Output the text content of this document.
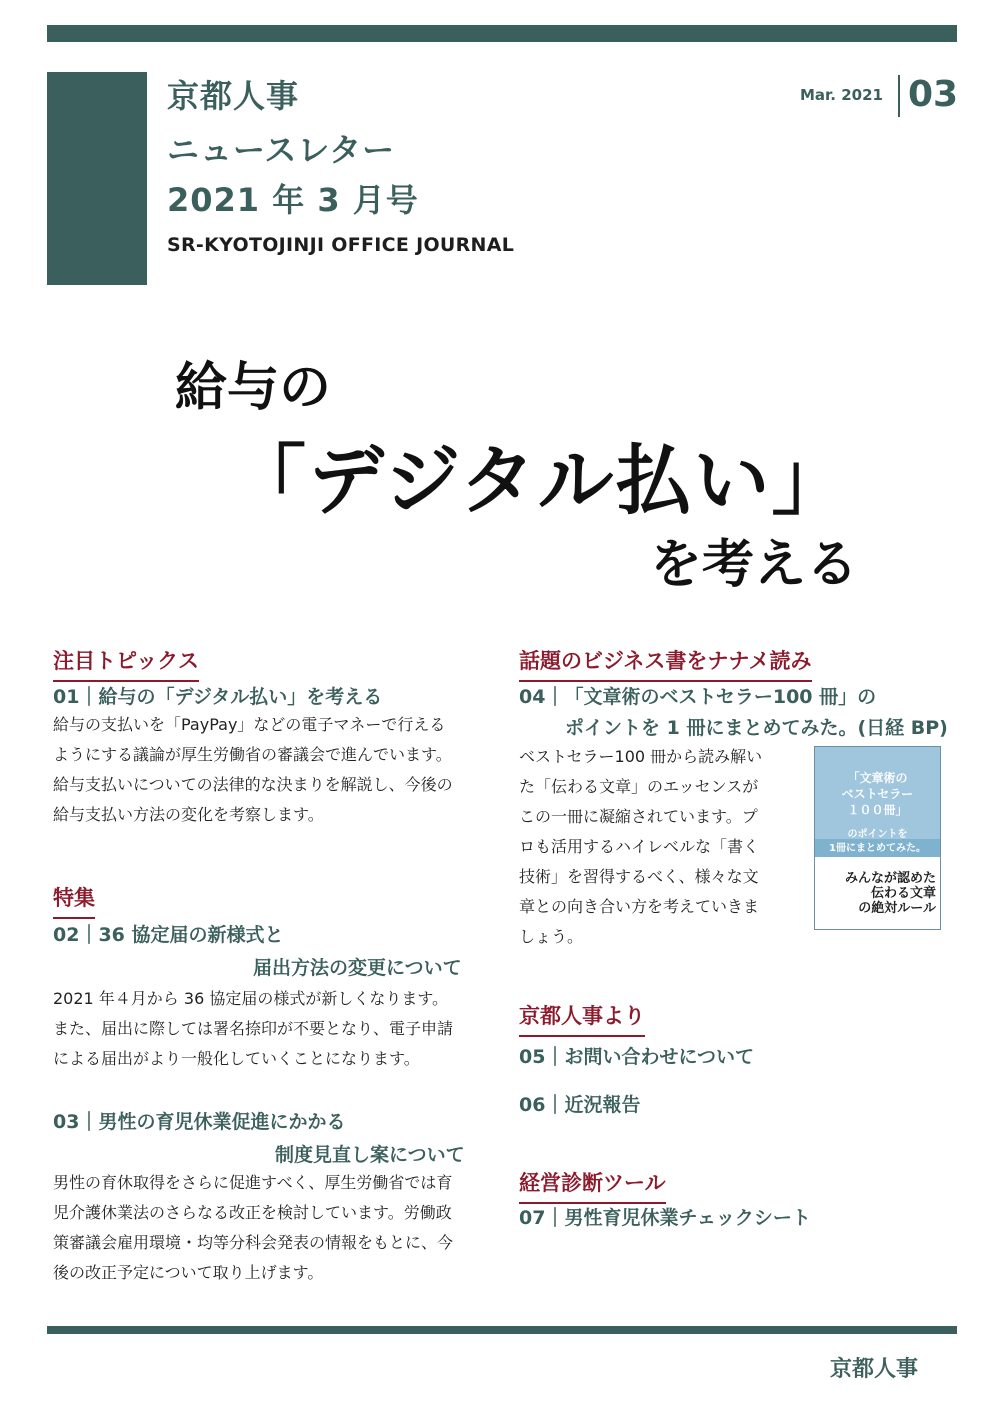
京都人事
ニュースレター
2021 年 3 月号
SR-KYOTOJINJI OFFICE JOURNAL
Mar. 2021 03
給与の
「デジタル払い」
を考える
注目トピックス
01｜給与の「デジタル払い」を考える
給与の支払いを「PayPay」などの電子マネーで行える
ようにする議論が厚生労働省の審議会で進んでいます。
給与支払いについての法律的な決まりを解説し、今後の
給与支払い方法の変化を考察します。
特集
02｜36 協定届の新様式と
届出方法の変更について
2021 年４月から 36 協定届の様式が新しくなります。
また、届出に際しては署名捺印が不要となり、電子申請
による届出がより一般化していくことになります。
03｜男性の育児休業促進にかかる
制度見直し案について
男性の育休取得をさらに促進すべく、厚生労働省では育
児介護休業法のさらなる改正を検討しています。労働政
策審議会雇用環境・均等分科会発表の情報をもとに、今
後の改正予定について取り上げます。
話題のビジネス書をナナメ読み
04｜「文章術のベストセラー100 冊」の
ポイントを 1 冊にまとめてみた。(日経 BP)
ベストセラー100 冊から読み解い
た「伝わる文章」のエッセンスが
この一冊に凝縮されています。プ
ロも活用するハイレベルな「書く
技術」を習得するべく、様々な文
章との向き合い方を考えていきま
しょう。
「文章術の
ベストセラー
１００冊」
のポイントを
1冊にまとめてみた。
みんなが認めた
伝わる文章
の絶対ルール
京都人事より
05｜お問い合わせについて
06｜近況報告
経営診断ツール
07｜男性育児休業チェックシート
京都人事
